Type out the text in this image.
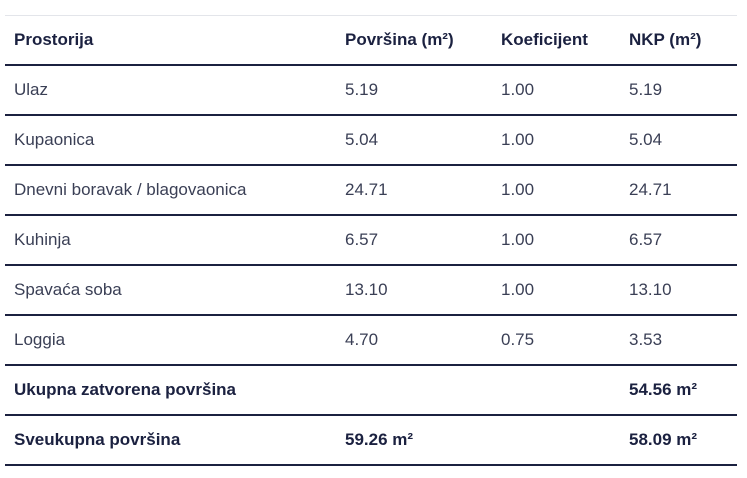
Prostorija	Površina (m²)	Koeficijent	NKP (m²)
Ulaz	5.19	1.00	5.19
Kupaonica	5.04	1.00	5.04
Dnevni boravak / blagovaonica	24.71	1.00	24.71
Kuhinja	6.57	1.00	6.57
Spavaća soba	13.10	1.00	13.10
Loggia	4.70	0.75	3.53
Ukupna zatvorena površina			54.56 m²
Sveukupna površina	59.26 m²		58.09 m²
